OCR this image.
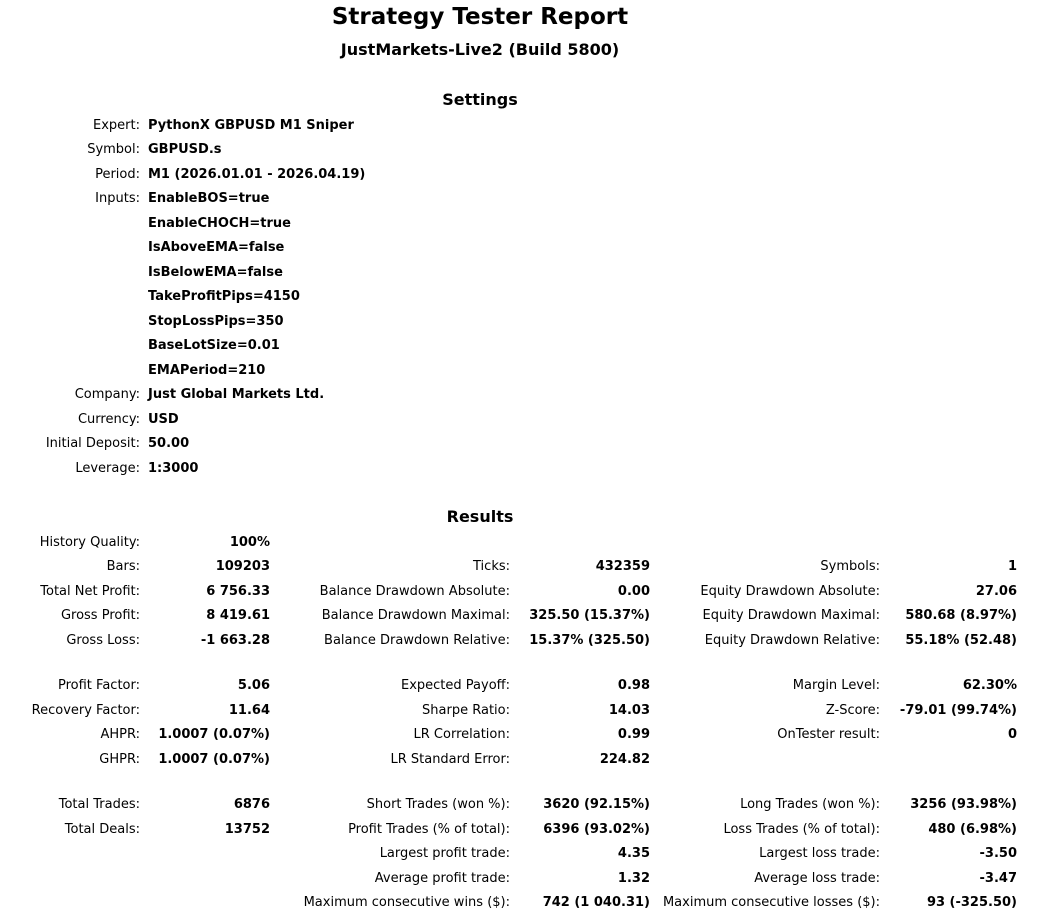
Strategy Tester Report
JustMarkets-Live2 (Build 5800)
Settings
Expert: PythonX GBPUSD M1 Sniper
Symbol: GBPUSD.s
Period: M1 (2026.01.01 - 2026.04.19)
Inputs: EnableBOS=true
EnableCHOCH=true
IsAboveEMA=false
IsBelowEMA=false
TakeProfitPips=4150
StopLossPips=350
BaseLotSize=0.01
EMAPeriod=210
Company: Just Global Markets Ltd.
Currency: USD
Initial Deposit: 50.00
Leverage: 1:3000
Results
History Quality:	100%
Bars:	109203	Ticks:	432359	Symbols:	1
Total Net Profit:	6 756.33	Balance Drawdown Absolute:	0.00	Equity Drawdown Absolute:	27.06
Gross Profit:	8 419.61	Balance Drawdown Maximal:	325.50 (15.37%)	Equity Drawdown Maximal:	580.68 (8.97%)
Gross Loss:	-1 663.28	Balance Drawdown Relative:	15.37% (325.50)	Equity Drawdown Relative:	55.18% (52.48)
Profit Factor:	5.06	Expected Payoff:	0.98	Margin Level:	62.30%
Recovery Factor:	11.64	Sharpe Ratio:	14.03	Z-Score:	-79.01 (99.74%)
AHPR:	1.0007 (0.07%)	LR Correlation:	0.99	OnTester result:	0
GHPR:	1.0007 (0.07%)	LR Standard Error:	224.82
Total Trades:	6876	Short Trades (won %):	3620 (92.15%)	Long Trades (won %):	3256 (93.98%)
Total Deals:	13752	Profit Trades (% of total):	6396 (93.02%)	Loss Trades (% of total):	480 (6.98%)
Largest profit trade:	4.35	Largest loss trade:	-3.50
Average profit trade:	1.32	Average loss trade:	-3.47
Maximum consecutive wins ($):	742 (1 040.31) Maximum consecutive losses ($):	93 (-325.50)
